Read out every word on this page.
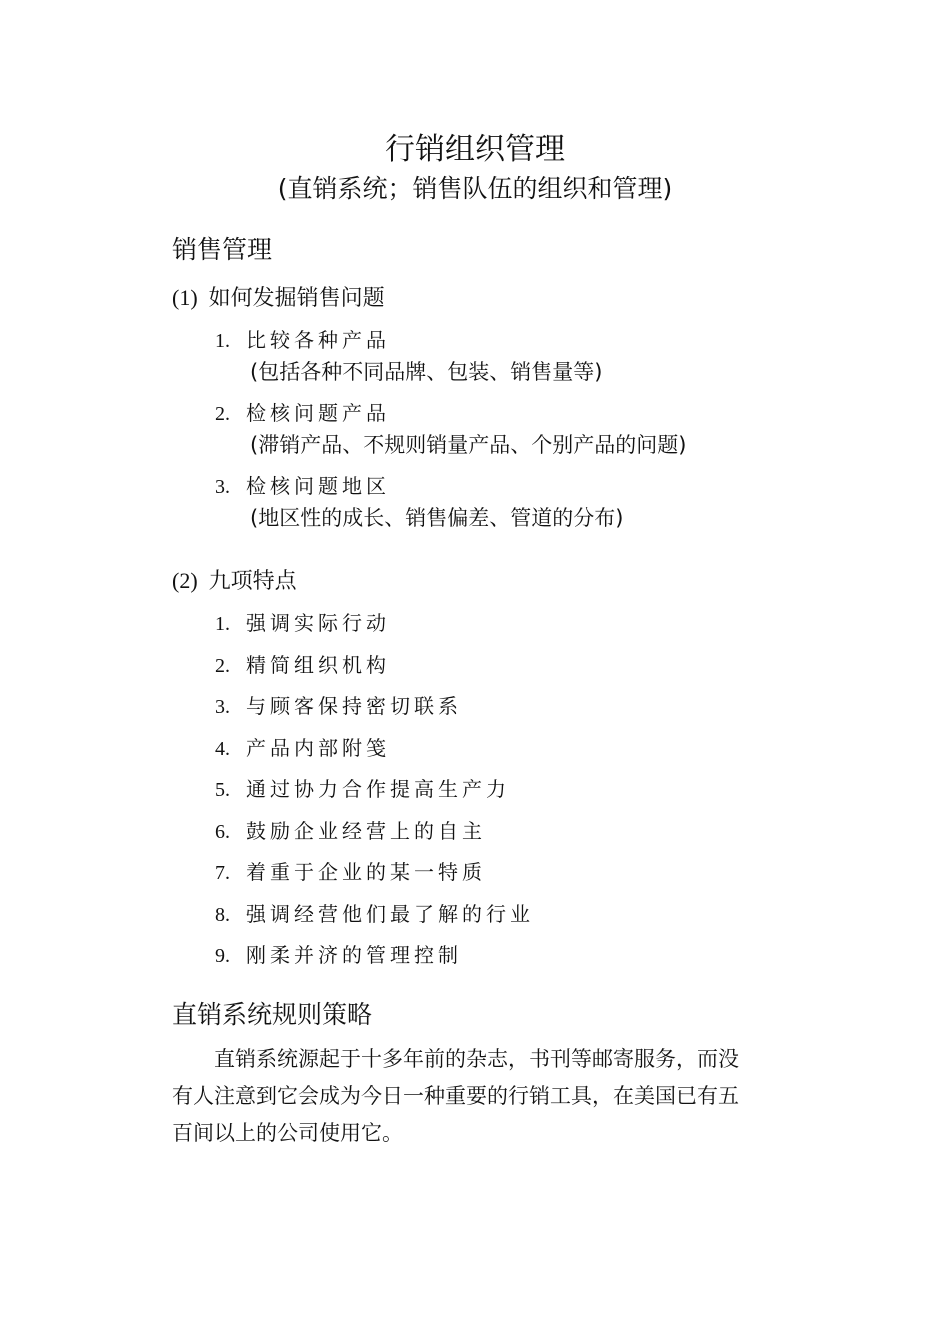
行销组织管理
(直销系统；销售队伍的组织和管理)
销售管理
(1) 如何发掘销售问题
1. 比较各种产品
(包括各种不同品牌、包装、销售量等)
2. 检核问题产品
(滞销产品、不规则销量产品、个别产品的问题)
3. 检核问题地区
(地区性的成长、销售偏差、管道的分布)
(2) 九项特点
1. 强调实际行动
2. 精简组织机构
3. 与顾客保持密切联系
4. 产品内部附笺
5. 通过协力合作提高生产力
6. 鼓励企业经营上的自主
7. 着重于企业的某一特质
8. 强调经营他们最了解的行业
9. 刚柔并济的管理控制
直销系统规则策略
直销系统源起于十多年前的杂志，书刊等邮寄服务，而没有人注意到它会成为今日一种重要的行销工具，在美国已有五百间以上的公司使用它。
